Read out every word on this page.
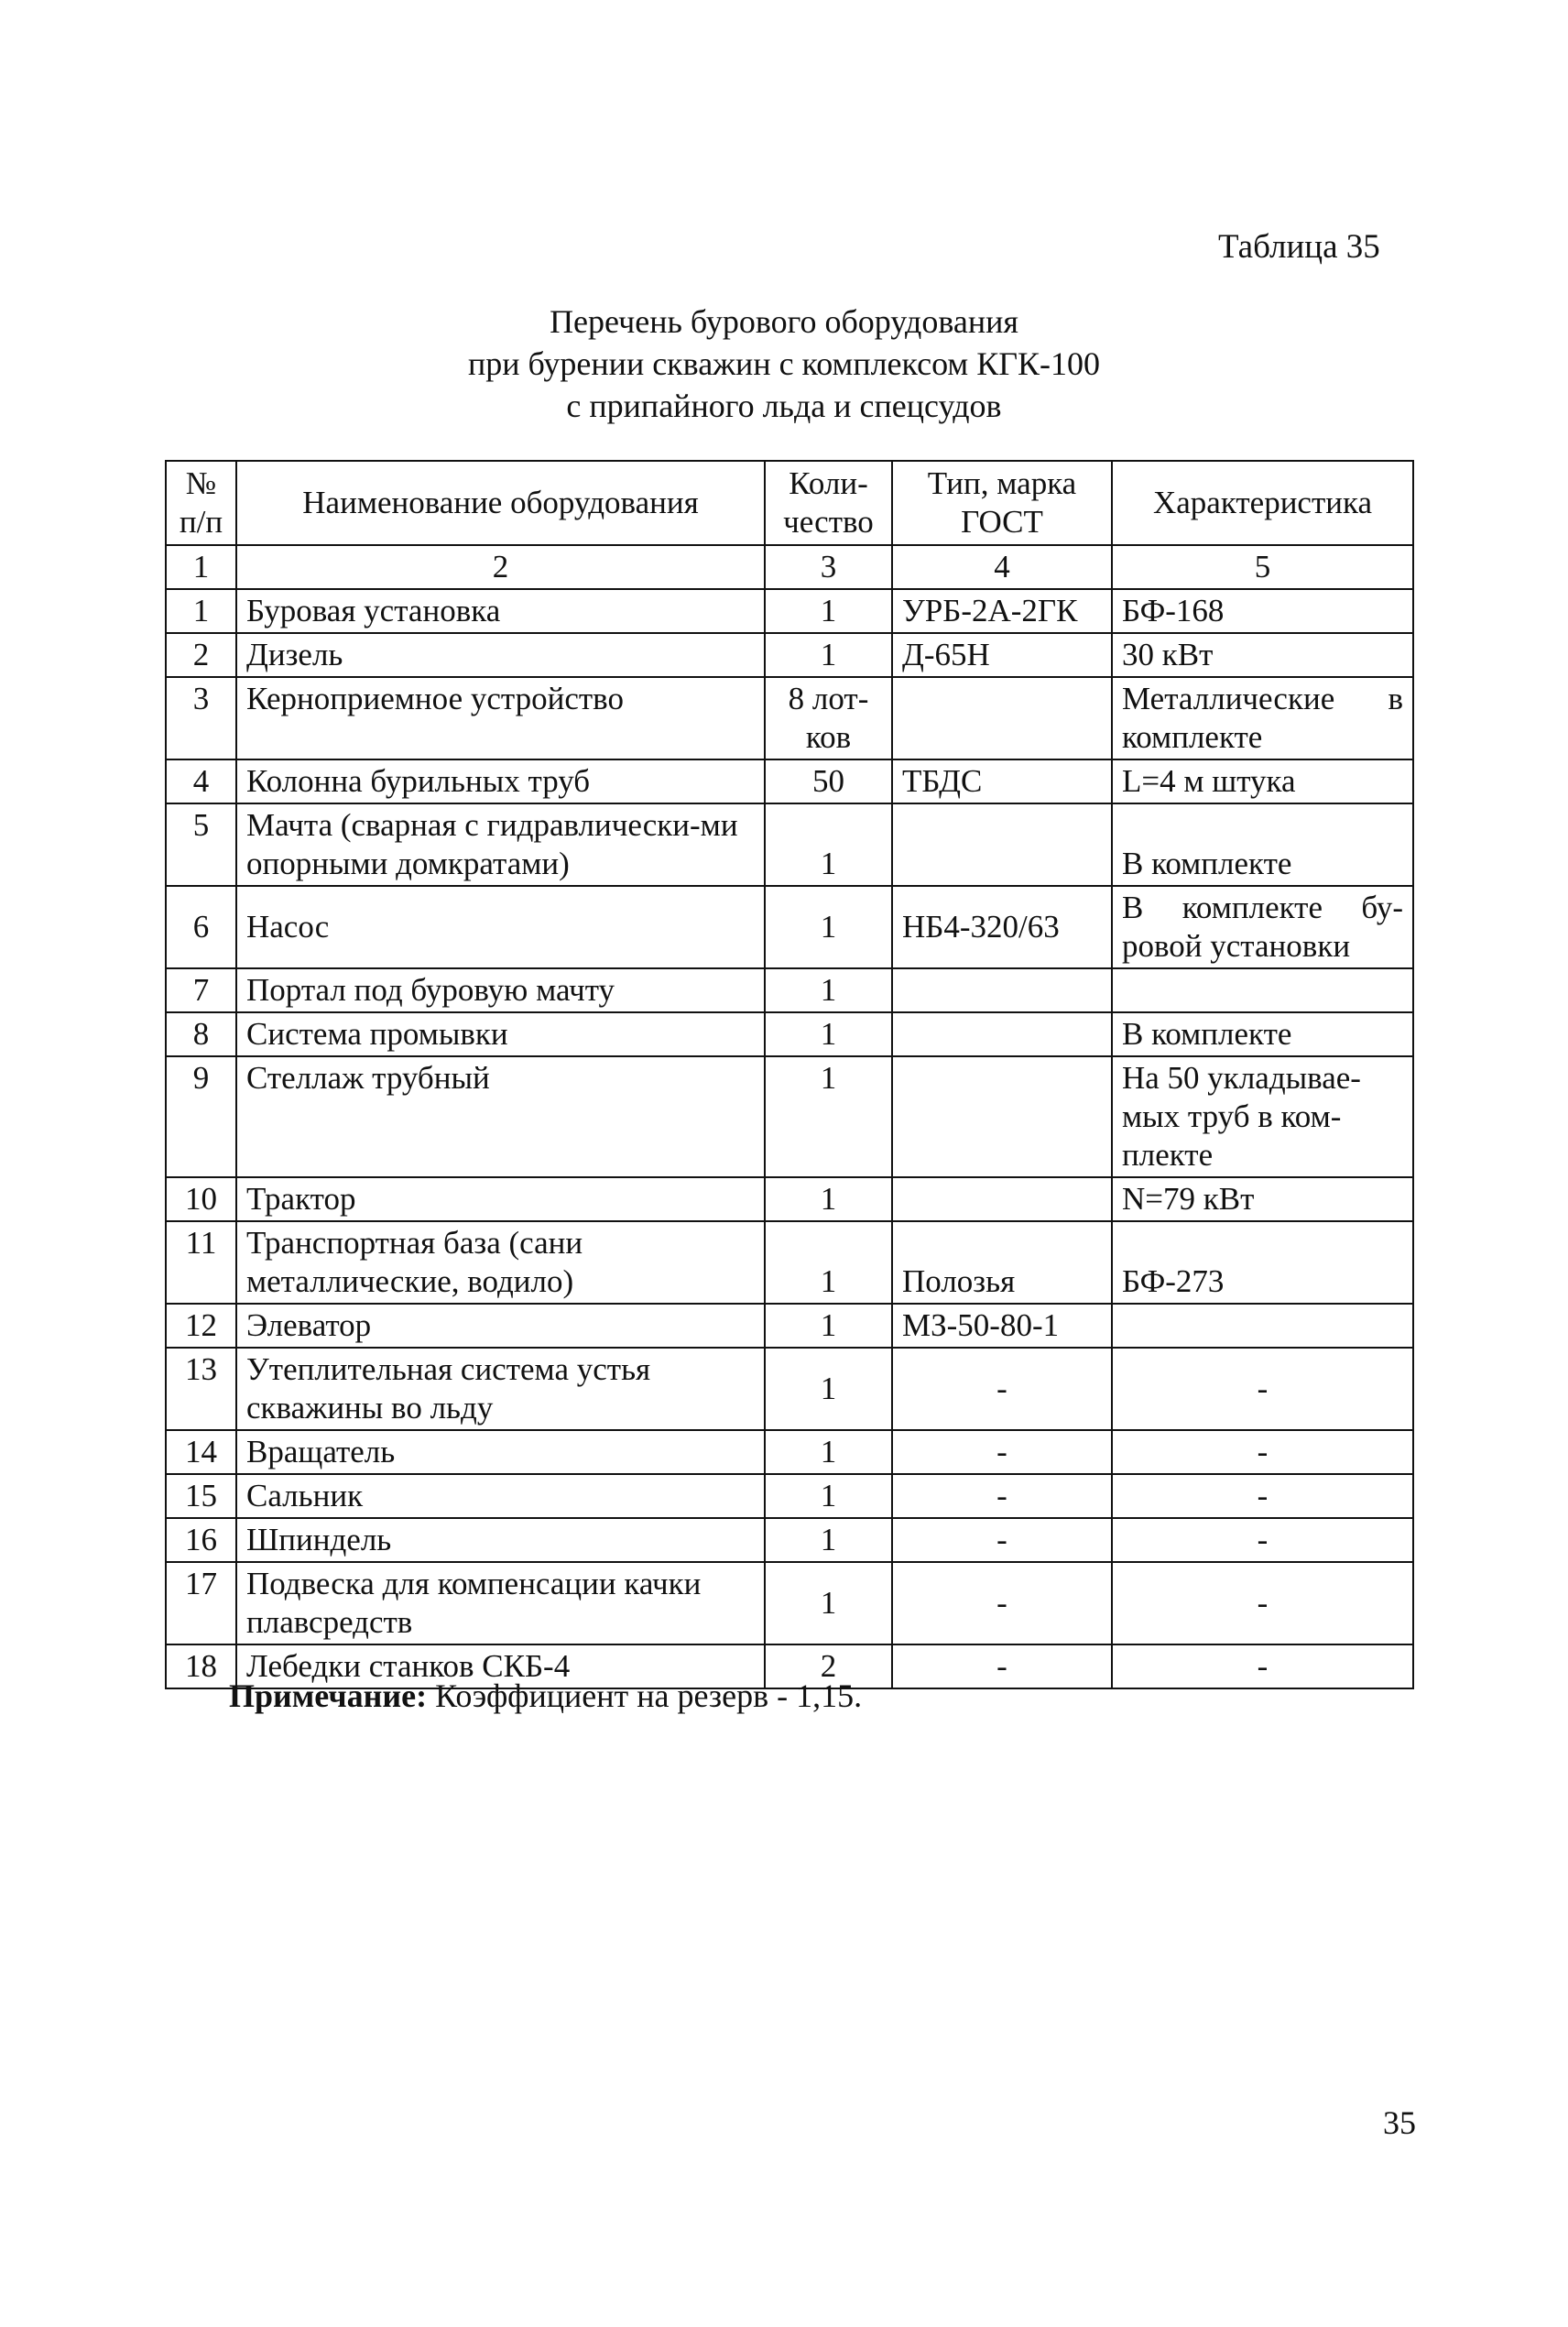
Таблица 35
Перечень бурового оборудования
при бурении скважин с комплексом КГК-100
с припайного льда и спецсудов
№ п/п	Наименование оборудования	Коли-чество	Тип, марка ГОСТ	Характеристика
1	2	3	4	5
1	Буровая установка	1	УРБ-2А-2ГК	БФ-168
2	Дизель	1	Д-65Н	30 кВт
3	Керноприемное устройство	8 лот-ков		Металлические в комплекте
4	Колонна бурильных труб	50	ТБДС	L=4 м штука
5	Мачта (сварная с гидравлически-ми опорными домкратами)	1		В комплекте
6	Насос	1	НБ4-320/63	В комплекте бу-ровой установки
7	Портал под буровую мачту	1		
8	Система промывки	1		В комплекте
9	Стеллаж трубный	1		На 50 укладывае-мых труб в ком-плекте
10	Трактор	1		N=79 кВт
11	Транспортная база (сани металлические, водило)	1	Полозья	БФ-273
12	Элеватор	1	МЗ-50-80-1	
13	Утеплительная система устья скважины во льду	1	-	-
14	Вращатель	1	-	-
15	Сальник	1	-	-
16	Шпиндель	1	-	-
17	Подвеска для компенсации качки плавсредств	1	-	-
18	Лебедки станков СКБ-4	2	-	-
Примечание: Коэффициент на резерв - 1,15.
35
